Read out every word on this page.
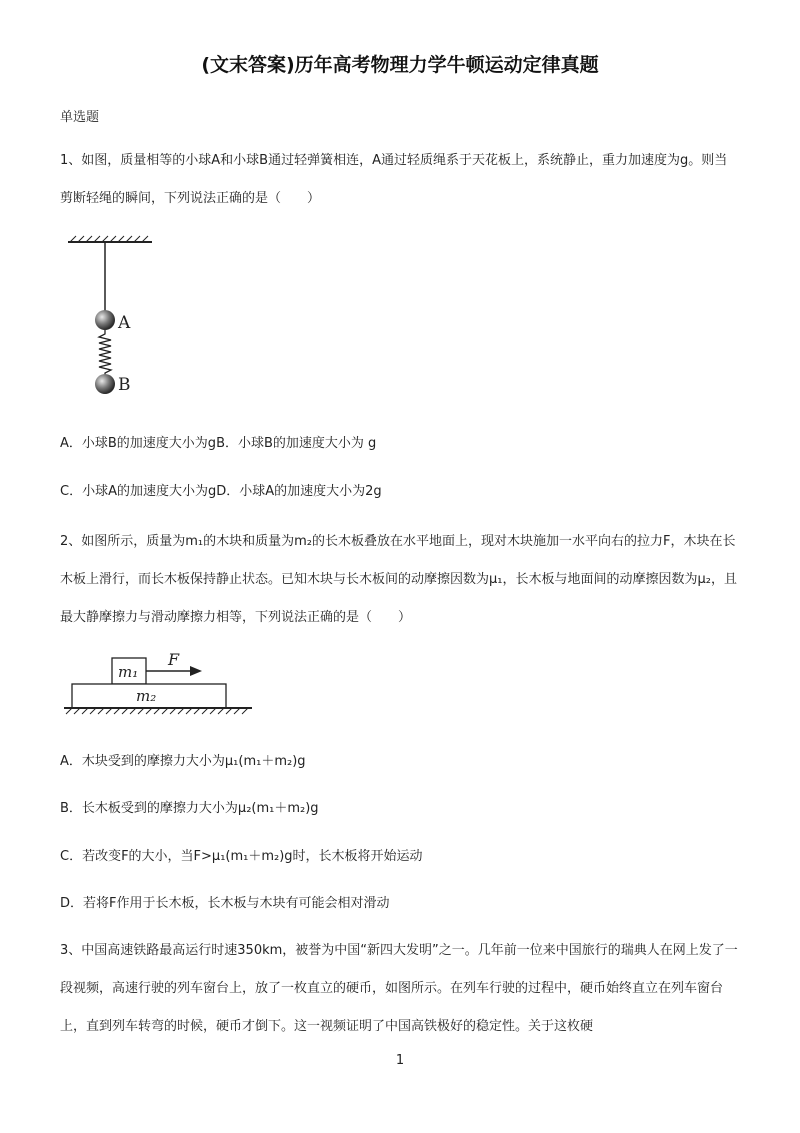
(文末答案)历年高考物理力学牛顿运动定律真题
单选题
1、如图，质量相等的小球A和小球B通过轻弹簧相连，A通过轻质绳系于天花板上，系统静止，重力加速度为g。则当剪断轻绳的瞬间，下列说法正确的是（　　）
A
B
A．小球B的加速度大小为gB．小球B的加速度大小为 g
C．小球A的加速度大小为gD．小球A的加速度大小为2g
2、如图所示，质量为m₁的木块和质量为m₂的长木板叠放在水平地面上，现对木块施加一水平向右的拉力F，木块在长木板上滑行，而长木板保持静止状态。已知木块与长木板间的动摩擦因数为μ₁，长木板与地面间的动摩擦因数为μ₂，且最大静摩擦力与滑动摩擦力相等，下列说法正确的是（　　）
m₁
F
m₂
A．木块受到的摩擦力大小为μ₁(m₁＋m₂)g
B．长木板受到的摩擦力大小为μ₂(m₁＋m₂)g
C．若改变F的大小，当F>μ₁(m₁＋m₂)g时，长木板将开始运动
D．若将F作用于长木板，长木板与木块有可能会相对滑动
3、中国高速铁路最高运行时速350km，被誉为中国“新四大发明”之一。几年前一位来中国旅行的瑞典人在网上发了一段视频，高速行驶的列车窗台上，放了一枚直立的硬币，如图所示。在列车行驶的过程中，硬币始终直立在列车窗台上，直到列车转弯的时候，硬币才倒下。这一视频证明了中国高铁极好的稳定性。关于这枚硬
1
